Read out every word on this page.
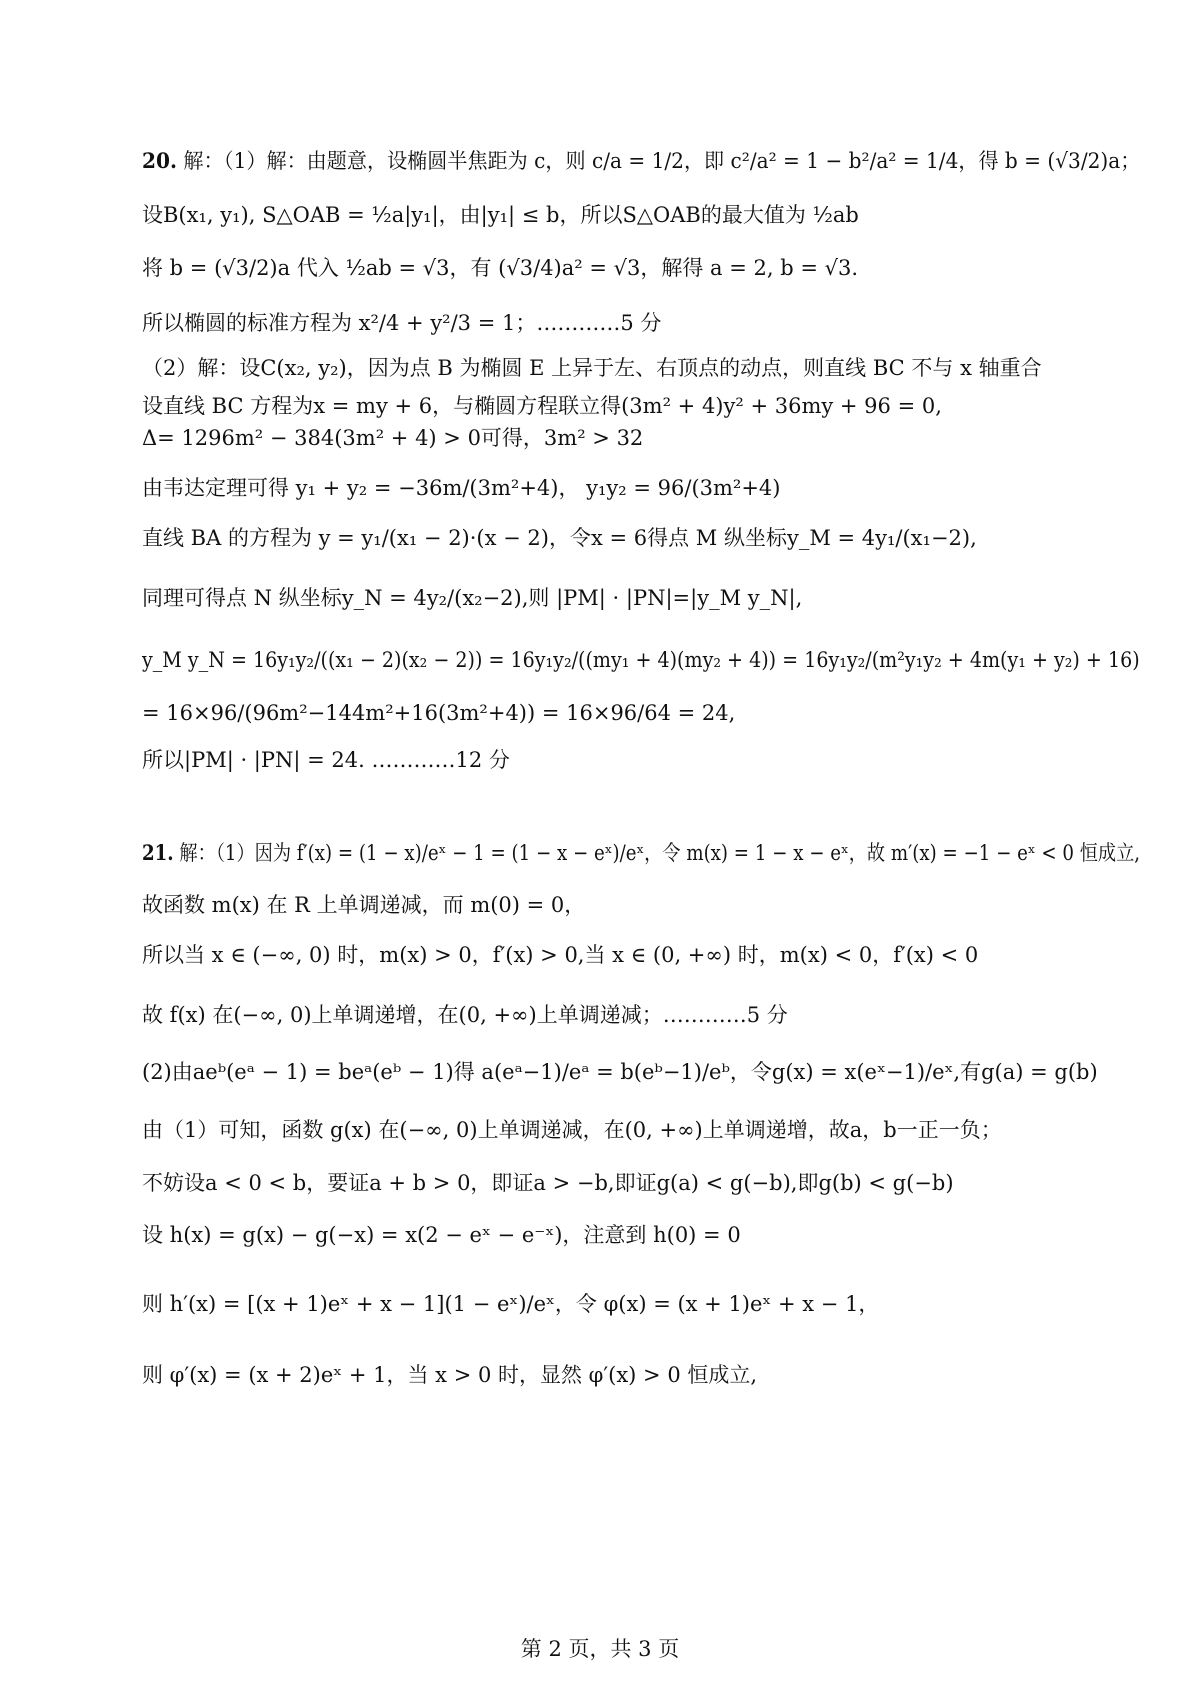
20. 解：（1）解：由题意，设椭圆半焦距为 c，则 c/a = 1/2，即 c²/a² = 1 − b²/a² = 1/4，得 b = (√3/2)a；
设B(x₁, y₁), S△OAB = ½a|y₁|，由|y₁| ≤ b，所以S△OAB的最大值为 ½ab
将 b = (√3/2)a 代入 ½ab = √3，有 (√3/4)a² = √3，解得 a = 2, b = √3.
所以椭圆的标准方程为 x²/4 + y²/3 = 1；…………5 分
（2）解：设C(x₂, y₂)，因为点 B 为椭圆 E 上异于左、右顶点的动点，则直线 BC 不与 x 轴重合
设直线 BC 方程为x = my + 6，与椭圆方程联立得(3m² + 4)y² + 36my + 96 = 0,
Δ= 1296m² − 384(3m² + 4) > 0可得，3m² > 32
由韦达定理可得 y₁ + y₂ = −36m/(3m²+4)， y₁y₂ = 96/(3m²+4)
直线 BA 的方程为 y = y₁/(x₁ − 2)·(x − 2)，令x = 6得点 M 纵坐标y_M = 4y₁/(x₁−2),
同理可得点 N 纵坐标y_N = 4y₂/(x₂−2),则 |PM| · |PN|=|y_M y_N|,
y_M y_N = 16y₁y₂/((x₁ − 2)(x₂ − 2)) = 16y₁y₂/((my₁ + 4)(my₂ + 4)) = 16y₁y₂/(m²y₁y₂ + 4m(y₁ + y₂) + 16)
= 16×96/(96m²−144m²+16(3m²+4)) = 16×96/64 = 24,
所以|PM| · |PN| = 24. …………12 分
21. 解：（1）因为 f′(x) = (1 − x)/eˣ − 1 = (1 − x − eˣ)/eˣ，令 m(x) = 1 − x − eˣ，故 m′(x) = −1 − eˣ < 0 恒成立,
故函数 m(x) 在 R 上单调递减，而 m(0) = 0，
所以当 x ∈ (−∞, 0) 时，m(x) > 0，f′(x) > 0,当 x ∈ (0, +∞) 时，m(x) < 0，f′(x) < 0
故 f(x) 在(−∞, 0)上单调递增，在(0, +∞)上单调递减；…………5 分
(2)由aeᵇ(eᵃ − 1) = beᵃ(eᵇ − 1)得 a(eᵃ−1)/eᵃ = b(eᵇ−1)/eᵇ，令g(x) = x(eˣ−1)/eˣ,有g(a) = g(b)
由（1）可知，函数 g(x) 在(−∞, 0)上单调递减，在(0, +∞)上单调递增，故a，b一正一负；
不妨设a < 0 < b，要证a + b > 0，即证a > −b,即证g(a) < g(−b),即g(b) < g(−b)
设 h(x) = g(x) − g(−x) = x(2 − eˣ − e⁻ˣ)，注意到 h(0) = 0
则 h′(x) = [(x + 1)eˣ + x − 1](1 − eˣ)/eˣ，令 φ(x) = (x + 1)eˣ + x − 1，
则 φ′(x) = (x + 2)eˣ + 1，当 x > 0 时，显然 φ′(x) > 0 恒成立,
第 2 页，共 3 页
